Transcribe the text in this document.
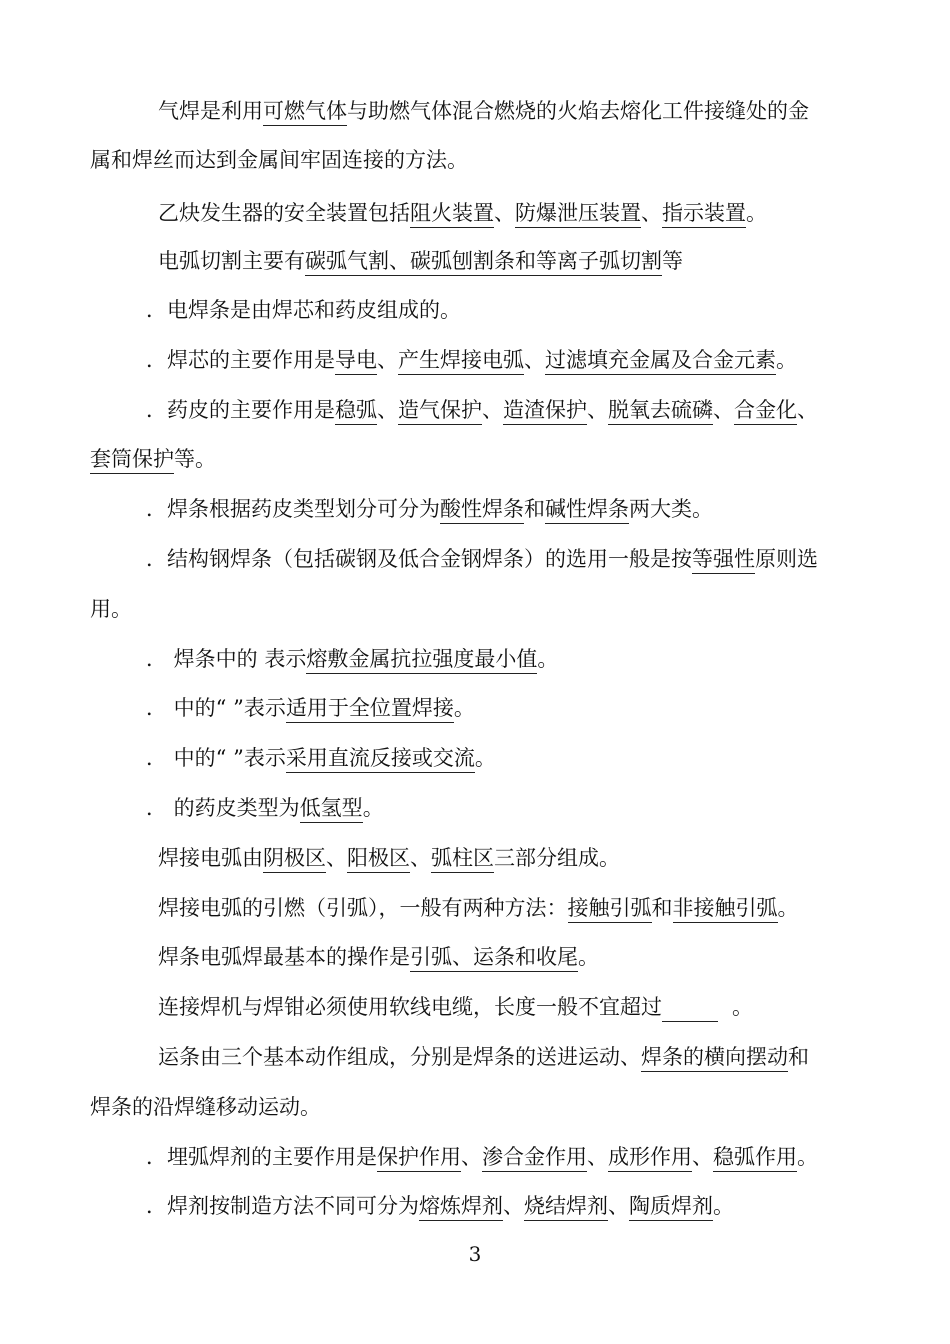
气焊是利用可燃气体与助燃气体混合燃烧的火焰去熔化工件接缝处的金
属和焊丝而达到金属间牢固连接的方法。
乙炔发生器的安全装置包括阻火装置、防爆泄压装置、指示装置。
电弧切割主要有碳弧气割、碳弧刨割条和等离子弧切割等
．电焊条是由焊芯和药皮组成的。
．焊芯的主要作用是导电、产生焊接电弧、过滤填充金属及合金元素。
．药皮的主要作用是稳弧、造气保护、造渣保护、脱氧去硫磷、合金化、
套筒保护等。
．焊条根据药皮类型划分可分为酸性焊条和碱性焊条两大类。
．结构钢焊条（包括碳钢及低合金钢焊条）的选用一般是按等强性原则选
用。
． 焊条中的 表示熔敷金属抗拉强度最小值。
． 中的“ ”表示适用于全位置焊接。
． 中的“ ”表示采用直流反接或交流。
． 的药皮类型为低氢型。
焊接电弧由阴极区、阳极区、弧柱区三部分组成。
焊接电弧的引燃（引弧），一般有两种方法：接触引弧和非接触引弧。
焊条电弧焊最基本的操作是引弧、运条和收尾。
连接焊机与焊钳必须使用软线电缆，长度一般不宜超过	。
运条由三个基本动作组成，分别是焊条的送进运动、焊条的横向摆动和
焊条的沿焊缝移动运动。
．埋弧焊剂的主要作用是保护作用、渗合金作用、成形作用、稳弧作用。
．焊剂按制造方法不同可分为熔炼焊剂、烧结焊剂、陶质焊剂。
3
